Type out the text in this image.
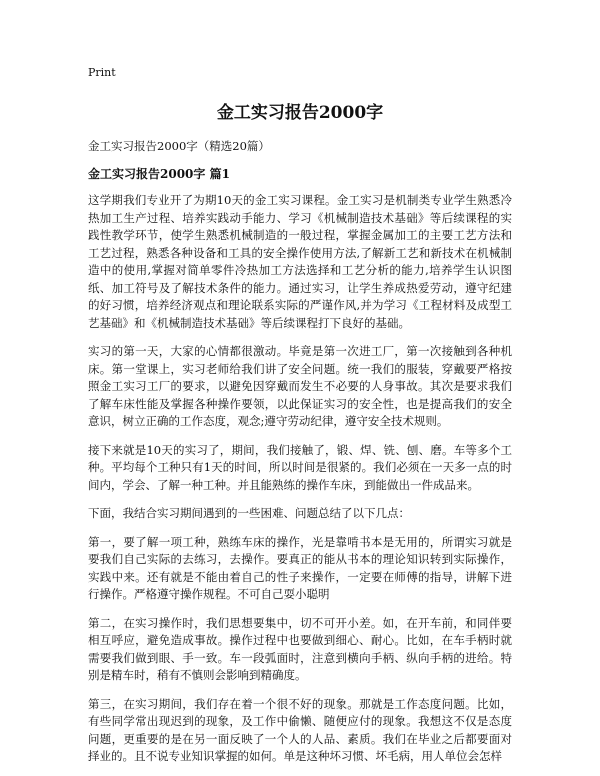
Print
金工实习报告2000字
金工实习报告2000字（精选20篇）
金工实习报告2000字 篇1

这学期我们专业开了为期10天的金工实习课程。金工实习是机制类专业学生熟悉冷热加工生产过程、培养实践动手能力、学习《机械制造技术基础》等后续课程的实践性教学环节，使学生熟悉机械制造的一般过程，掌握金属加工的主要工艺方法和工艺过程，熟悉各种设备和工具的安全操作使用方法,了解新工艺和新技术在机械制造中的使用,掌握对简单零件冷热加工方法选择和工艺分析的能力,培养学生认识图纸、加工符号及了解技术条件的能力。通过实习，让学生养成热爱劳动，遵守纪建的好习惯，培养经济观点和理论联系实际的严谨作风,并为学习《工程材料及成型工艺基础》和《机械制造技术基础》等后续课程打下良好的基础。

实习的第一天，大家的心情都很激动。毕竟是第一次进工厂，第一次接触到各种机床。第一堂课上，实习老师给我们讲了安全问题。统一我们的服装，穿戴要严格按照金工实习工厂的要求，以避免因穿戴而发生不必要的人身事故。其次是要求我们了解车床性能及掌握各种操作要领，以此保证实习的安全性，也是提高我们的安全意识，树立正确的工作态度，观念;遵守劳动纪律，遵守安全技术规则。

接下来就是10天的实习了，期间，我们接触了，锻、焊、铣、刨、磨。车等多个工种。平均每个工种只有1天的时间，所以时间是很紧的。我们必须在一天多一点的时间内，学会、了解一种工种。并且能熟练的操作车床，到能做出一件成品来。

下面，我结合实习期间遇到的一些困难、问题总结了以下几点：

第一，要了解一项工种，熟练车床的操作，光是靠啃书本是无用的，所谓实习就是要我们自己实际的去练习，去操作。要真正的能从书本的理论知识转到实际操作，实践中来。还有就是不能由着自己的性子来操作，一定要在师傅的指导，讲解下进行操作。严格遵守操作规程。不可自己耍小聪明

第二，在实习操作时，我们思想要集中，切不可开小差。如，在开车前，和同伴要相互呼应，避免造成事故。操作过程中也要做到细心、耐心。比如，在车手柄时就需要我们做到眼、手一致。车一段弧面时，注意到横向手柄、纵向手柄的进给。特别是精车时，稍有不慎则会影响到精确度。

第三，在实习期间，我们存在着一个很不好的现象。那就是工作态度问题。比如，有些同学常出现迟到的现象，及工作中偷懒、随便应付的现象。我想这不仅是态度问题，更重要的是在另一面反映了一个人的人品、素质。我们在毕业之后都要面对择业的。且不说专业知识掌握的如何。单是这种坏习惯、坏毛病，用人单位会怎样
